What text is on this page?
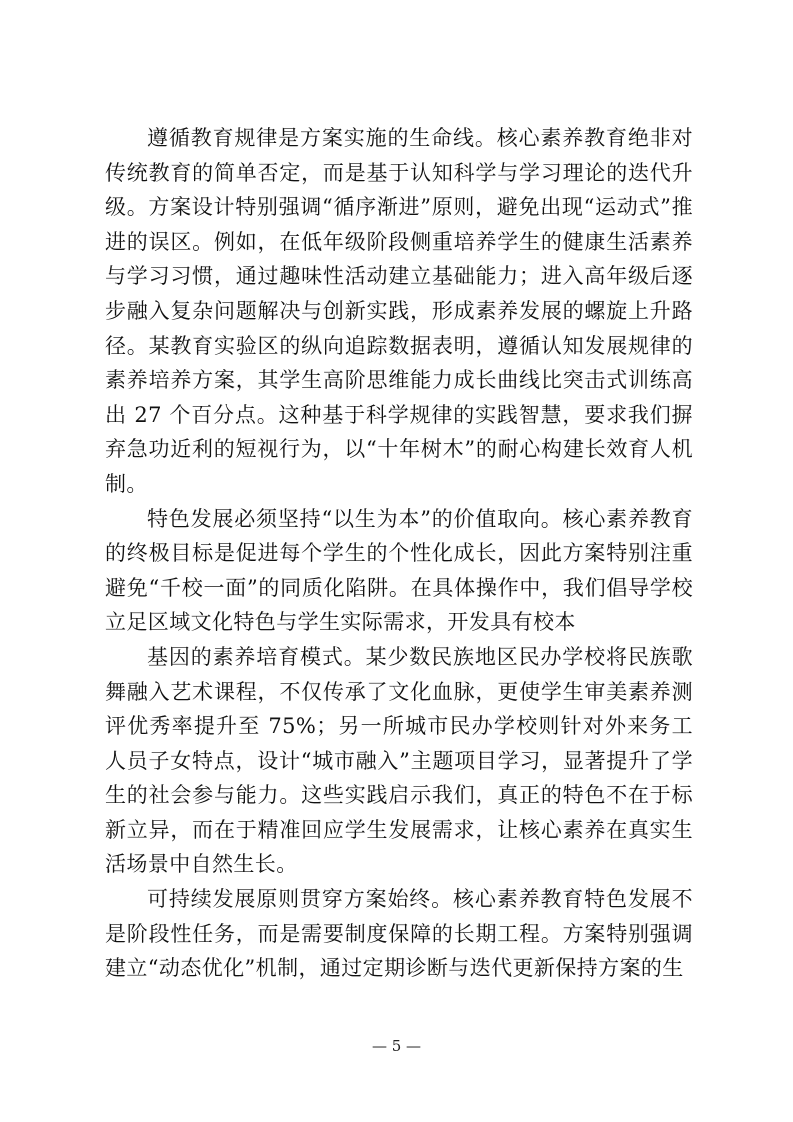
遵循教育规律是方案实施的生命线。核心素养教育绝非对传统教育的简单否定，而是基于认知科学与学习理论的迭代升级。方案设计特别强调“循序渐进”原则，避免出现“运动式”推进的误区。例如，在低年级阶段侧重培养学生的健康生活素养与学习习惯，通过趣味性活动建立基础能力；进入高年级后逐步融入复杂问题解决与创新实践，形成素养发展的螺旋上升路径。某教育实验区的纵向追踪数据表明，遵循认知发展规律的素养培养方案，其学生高阶思维能力成长曲线比突击式训练高出 27 个百分点。这种基于科学规律的实践智慧，要求我们摒弃急功近利的短视行为，以“十年树木”的耐心构建长效育人机制。

特色发展必须坚持“以生为本”的价值取向。核心素养教育的终极目标是促进每个学生的个性化成长，因此方案特别注重避免“千校一面”的同质化陷阱。在具体操作中，我们倡导学校立足区域文化特色与学生实际需求，开发具有校本

基因的素养培育模式。某少数民族地区民办学校将民族歌舞融入艺术课程，不仅传承了文化血脉，更使学生审美素养测评优秀率提升至 75%；另一所城市民办学校则针对外来务工人员子女特点，设计“城市融入”主题项目学习，显著提升了学生的社会参与能力。这些实践启示我们，真正的特色不在于标新立异，而在于精准回应学生发展需求，让核心素养在真实生活场景中自然生长。

可持续发展原则贯穿方案始终。核心素养教育特色发展不是阶段性任务，而是需要制度保障的长期工程。方案特别强调建立“动态优化”机制，通过定期诊断与迭代更新保持方案的生

— 5 —
